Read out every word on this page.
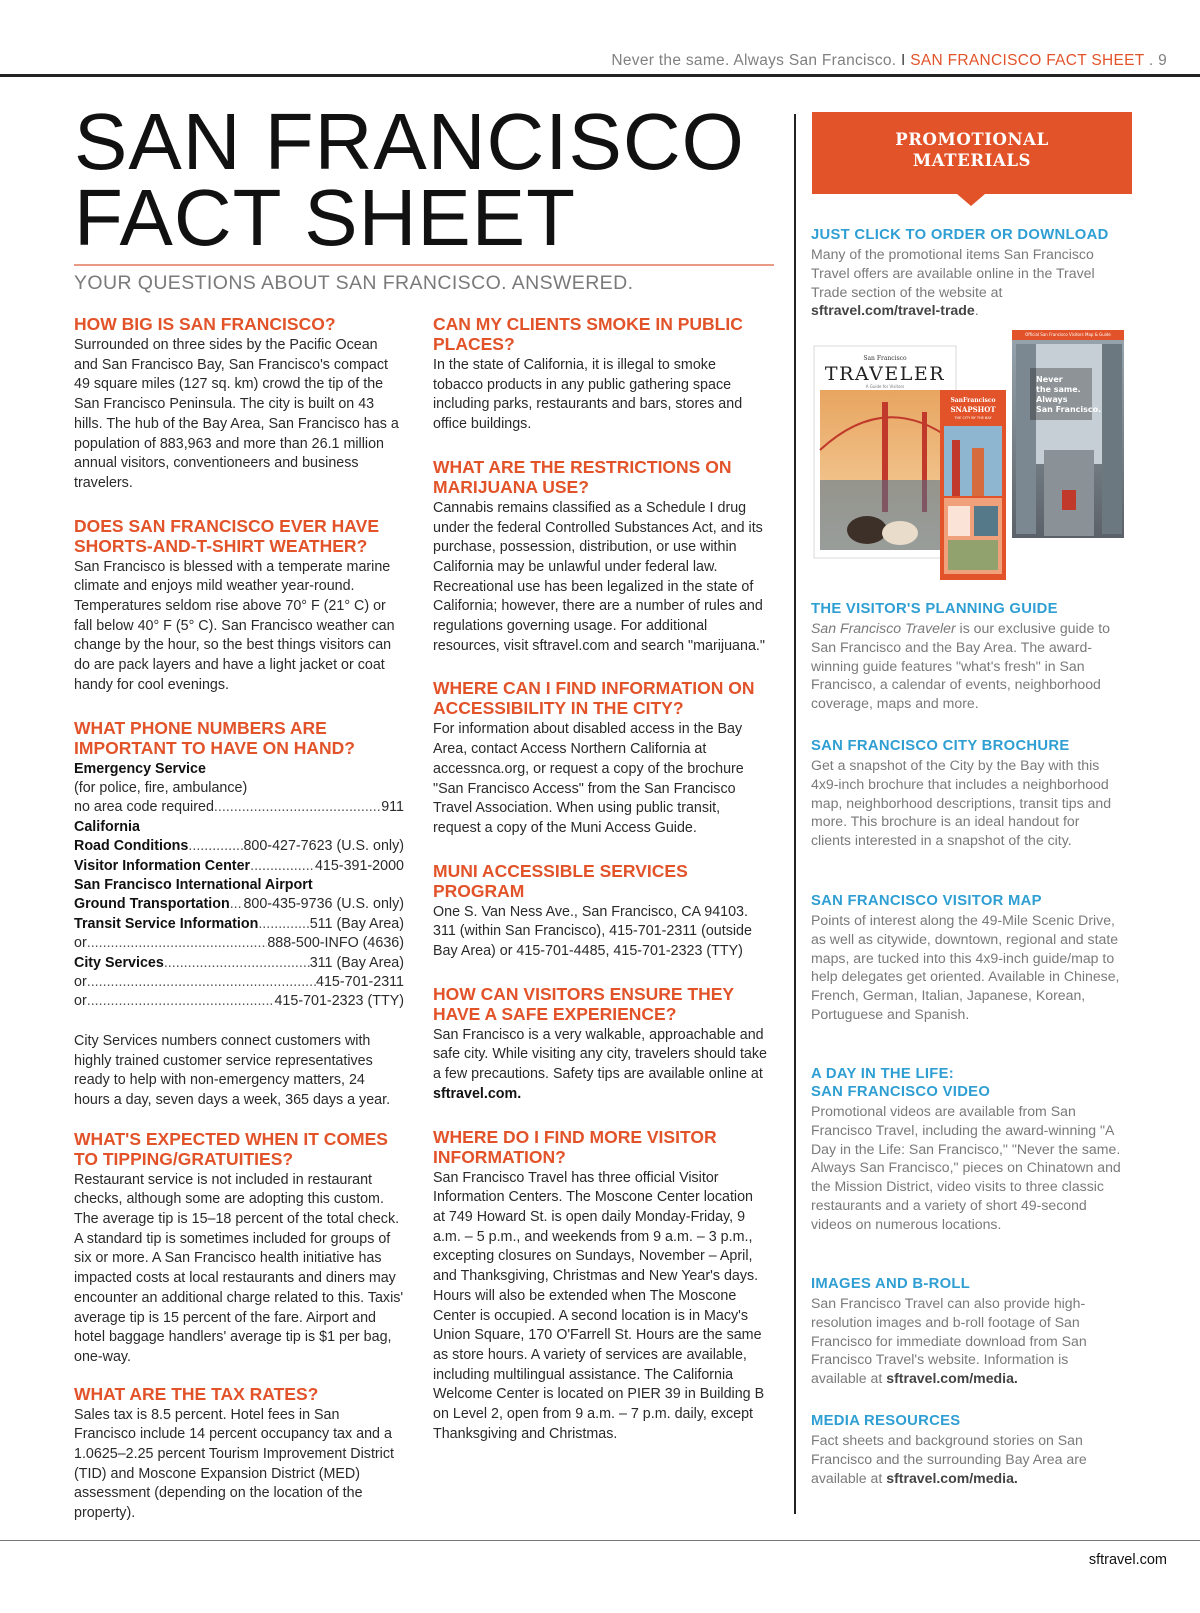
Never the same. Always San Francisco. I SAN FRANCISCO FACT SHEET . 9
SAN FRANCISCO
FACT SHEET
YOUR QUESTIONS ABOUT SAN FRANCISCO. ANSWERED.

HOW BIG IS SAN FRANCISCO?

Surrounded on three sides by the Pacific Ocean and San Francisco Bay, San Francisco's compact 49 square miles (127 sq. km) crowd the tip of the San Francisco Peninsula. The city is built on 43 hills. The hub of the Bay Area, San Francisco has a population of 883,963 and more than 26.1 million annual visitors, conventioneers and business travelers.

DOES SAN FRANCISCO EVER HAVE SHORTS-AND-T-SHIRT WEATHER?

San Francisco is blessed with a temperate marine climate and enjoys mild weather year-round. Temperatures seldom rise above 70° F (21° C) or fall below 40° F (5° C). San Francisco weather can change by the hour, so the best things visitors can do are pack layers and have a light jacket or coat handy for cool evenings.

WHAT PHONE NUMBERS ARE IMPORTANT TO HAVE ON HAND?

Emergency Service
(for police, fire, ambulance)
no area code required .....	911
California
Road Conditions .....	800-427-7623 (U.S. only)
Visitor Information Center .....	415-391-2000
San Francisco International Airport
Ground Transportation ..... 800-435-9736 (U.S. only)
Transit Service Information .....	511 (Bay Area)
or .....	888-500-INFO (4636)
City Services .....	311 (Bay Area)
or .....	415-701-2311
or .....	415-701-2323 (TTY)

City Services numbers connect customers with highly trained customer service representatives ready to help with non-emergency matters, 24 hours a day, seven days a week, 365 days a year.

WHAT'S EXPECTED WHEN IT COMES TO TIPPING/GRATUITIES?

Restaurant service is not included in restaurant checks, although some are adopting this custom. The average tip is 15–18 percent of the total check. A standard tip is sometimes included for groups of six or more. A San Francisco health initiative has impacted costs at local restaurants and diners may encounter an additional charge related to this. Taxis' average tip is 15 percent of the fare. Airport and hotel baggage handlers' average tip is $1 per bag, one-way.

WHAT ARE THE TAX RATES?

Sales tax is 8.5 percent. Hotel fees in San Francisco include 14 percent occupancy tax and a 1.0625–2.25 percent Tourism Improvement District (TID) and Moscone Expansion District (MED) assessment (depending on the location of the property).

CAN MY CLIENTS SMOKE IN PUBLIC PLACES?

In the state of California, it is illegal to smoke tobacco products in any public gathering space including parks, restaurants and bars, stores and office buildings.

WHAT ARE THE RESTRICTIONS ON MARIJUANA USE?

Cannabis remains classified as a Schedule I drug under the federal Controlled Substances Act, and its purchase, possession, distribution, or use within California may be unlawful under federal law. Recreational use has been legalized in the state of California; however, there are a number of rules and regulations governing usage. For additional resources, visit sftravel.com and search "marijuana."

WHERE CAN I FIND INFORMATION ON ACCESSIBILITY IN THE CITY?

For information about disabled access in the Bay Area, contact Access Northern California at accessnca.org, or request a copy of the brochure "San Francisco Access" from the San Francisco Travel Association. When using public transit, request a copy of the Muni Access Guide.

MUNI ACCESSIBLE SERVICES PROGRAM

One S. Van Ness Ave., San Francisco, CA 94103. 311 (within San Francisco), 415-701-2311 (outside Bay Area) or 415-701-4485, 415-701-2323 (TTY)

HOW CAN VISITORS ENSURE THEY HAVE A SAFE EXPERIENCE?

San Francisco is a very walkable, approachable and safe city. While visiting any city, travelers should take a few precautions. Safety tips are available online at sftravel.com.

WHERE DO I FIND MORE VISITOR INFORMATION?

San Francisco Travel has three official Visitor Information Centers. The Moscone Center location at 749 Howard St. is open daily Monday-Friday, 9 a.m. – 5 p.m., and weekends from 9 a.m. – 3 p.m., excepting closures on Sundays, November – April, and Thanksgiving, Christmas and New Year's days. Hours will also be extended when The Moscone Center is occupied. A second location is in Macy's Union Square, 170 O'Farrell St. Hours are the same as store hours. A variety of services are available, including multilingual assistance. The California Welcome Center is located on PIER 39 in Building B on Level 2, open from 9 a.m. – 7 p.m. daily, except Thanksgiving and Christmas.

PROMOTIONAL
MATERIALS

JUST CLICK TO ORDER OR DOWNLOAD

Many of the promotional items San Francisco Travel offers are available online in the Travel Trade section of the website at sftravel.com/travel-trade.

San Francisco
TRAVELER
A Guide for Visitors
SanFrancisco
SNAPSHOT
THE CITY BY THE BAY
Official San Francisco Visitors Map & Guide
Never
the same.
Always
San Francisco.

THE VISITOR'S PLANNING GUIDE

San Francisco Traveler is our exclusive guide to San Francisco and the Bay Area. The award-winning guide features "what's fresh" in San Francisco, a calendar of events, neighborhood coverage, maps and more.

SAN FRANCISCO CITY BROCHURE

Get a snapshot of the City by the Bay with this 4x9-inch brochure that includes a neighborhood map, neighborhood descriptions, transit tips and more. This brochure is an ideal handout for clients interested in a snapshot of the city.

SAN FRANCISCO VISITOR MAP

Points of interest along the 49-Mile Scenic Drive, as well as citywide, downtown, regional and state maps, are tucked into this 4x9-inch guide/map to help delegates get oriented. Available in Chinese, French, German, Italian, Japanese, Korean, Portuguese and Spanish.

A DAY IN THE LIFE:

SAN FRANCISCO VIDEO

Promotional videos are available from San Francisco Travel, including the award-winning "A Day in the Life: San Francisco," "Never the same. Always San Francisco," pieces on Chinatown and the Mission District, video visits to three classic restaurants and a variety of short 49-second videos on numerous locations.

IMAGES AND B-ROLL

San Francisco Travel can also provide high-resolution images and b-roll footage of San Francisco for immediate download from San Francisco Travel's website. Information is available at sftravel.com/media.

MEDIA RESOURCES

Fact sheets and background stories on San Francisco and the surrounding Bay Area are available at sftravel.com/media.

sftravel.com
